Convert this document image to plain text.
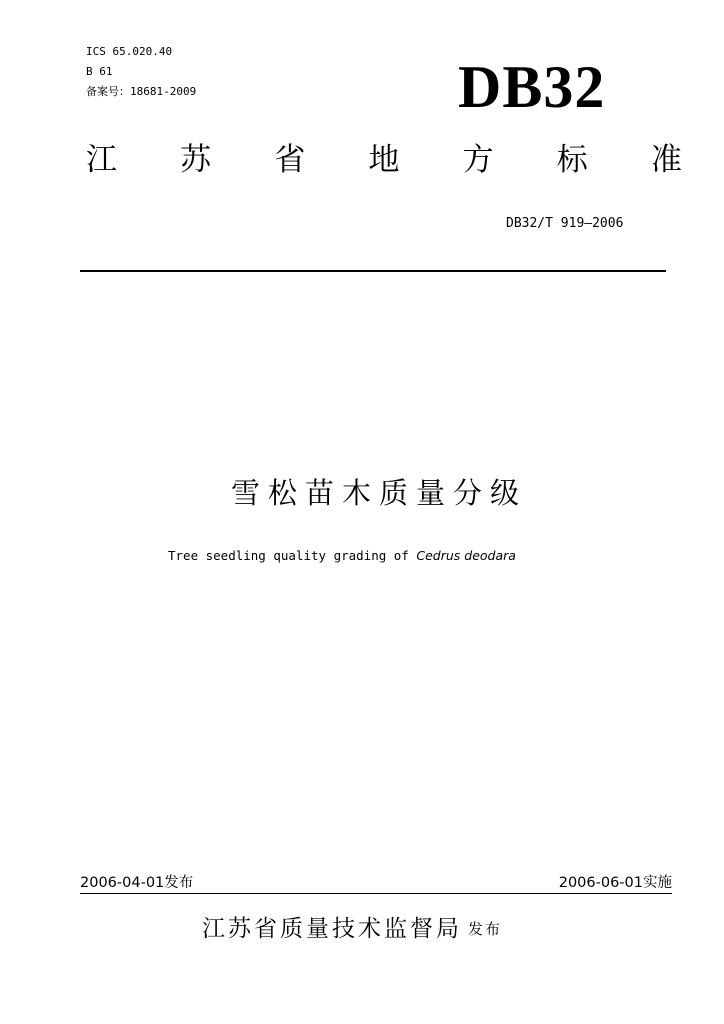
ICS 65.020.40
B 61
备案号：18681-2009	DB32
江 苏 省 地 方 标 准
DB32/T 919—2006
雪松苗木质量分级
Tree seedling quality grading of Cedrus deodara
2006-04-01发布	2006-06-01实施
江苏省质量技术监督局 发布
